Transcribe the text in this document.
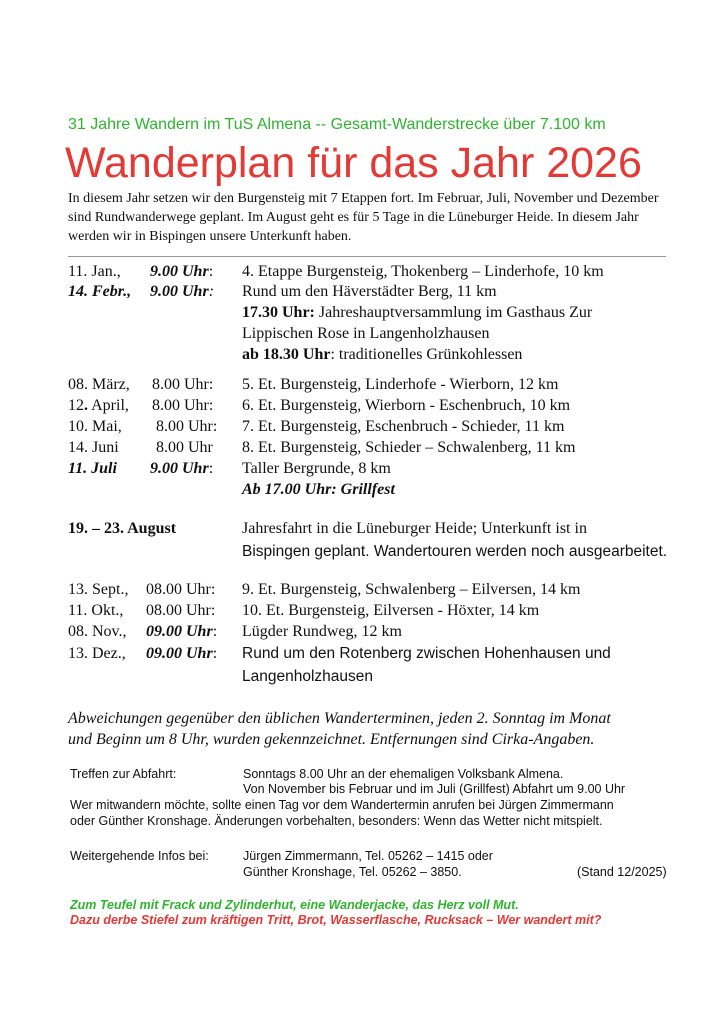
31 Jahre Wandern im TuS Almena -- Gesamt-Wanderstrecke über 7.100 km
Wanderplan für das Jahr 2026
In diesem Jahr setzen wir den Burgensteig mit 7 Etappen fort. Im Februar, Juli, November und Dezember sind Rundwanderwege geplant. Im August geht es für 5 Tage in die Lüneburger Heide. In diesem Jahr werden wir in Bispingen unsere Unterkunft haben.
11. Jan., 9.00 Uhr: 4. Etappe Burgensteig, Thokenberg – Linderhofe, 10 km
14. Febr., 9.00 Uhr: Rund um den Häverstädter Berg, 11 km
17.30 Uhr: Jahreshauptversammlung im Gasthaus Zur
Lippischen Rose in Langenholzhausen
ab 18.30 Uhr: traditionelles Grünkohlessen
08. März, 8.00 Uhr: 5. Et. Burgensteig, Linderhofe - Wierborn, 12 km
12. April, 8.00 Uhr: 6. Et. Burgensteig, Wierborn - Eschenbruch, 10 km
10. Mai, 8.00 Uhr: 7. Et. Burgensteig, Eschenbruch - Schieder, 11 km
14. Juni 8.00 Uhr 8. Et. Burgensteig, Schieder – Schwalenberg, 11 km
11. Juli 9.00 Uhr: Taller Bergrunde, 8 km
Ab 17.00 Uhr: Grillfest
19. – 23. August	Jahresfahrt in die Lüneburger Heide; Unterkunft ist in
Bispingen geplant. Wandertouren werden noch ausgearbeitet.
13. Sept., 08.00 Uhr: 9. Et. Burgensteig, Schwalenberg – Eilversen, 14 km
11. Okt., 08.00 Uhr: 10. Et. Burgensteig, Eilversen - Höxter, 14 km
08. Nov., 09.00 Uhr: Lügder Rundweg, 12 km
13. Dez., 09.00 Uhr: Rund um den Rotenberg zwischen Hohenhausen und
Langenholzhausen
Abweichungen gegenüber den üblichen Wanderterminen, jeden 2. Sonntag im Monat
und Beginn um 8 Uhr, wurden gekennzeichnet. Entfernungen sind Cirka-Angaben.
Treffen zur Abfahrt:	Sonntags 8.00 Uhr an der ehemaligen Volksbank Almena.
Von November bis Februar und im Juli (Grillfest) Abfahrt um 9.00 Uhr
Wer mitwandern möchte, sollte einen Tag vor dem Wandertermin anrufen bei Jürgen Zimmermann
oder Günther Kronshage. Änderungen vorbehalten, besonders: Wenn das Wetter nicht mitspielt.
Weitergehende Infos bei:	Jürgen Zimmermann, Tel. 05262 – 1415 oder
Günther Kronshage, Tel. 05262 – 3850.	(Stand 12/2025)
Zum Teufel mit Frack und Zylinderhut, eine Wanderjacke, das Herz voll Mut.
Dazu derbe Stiefel zum kräftigen Tritt, Brot, Wasserflasche, Rucksack – Wer wandert mit?
